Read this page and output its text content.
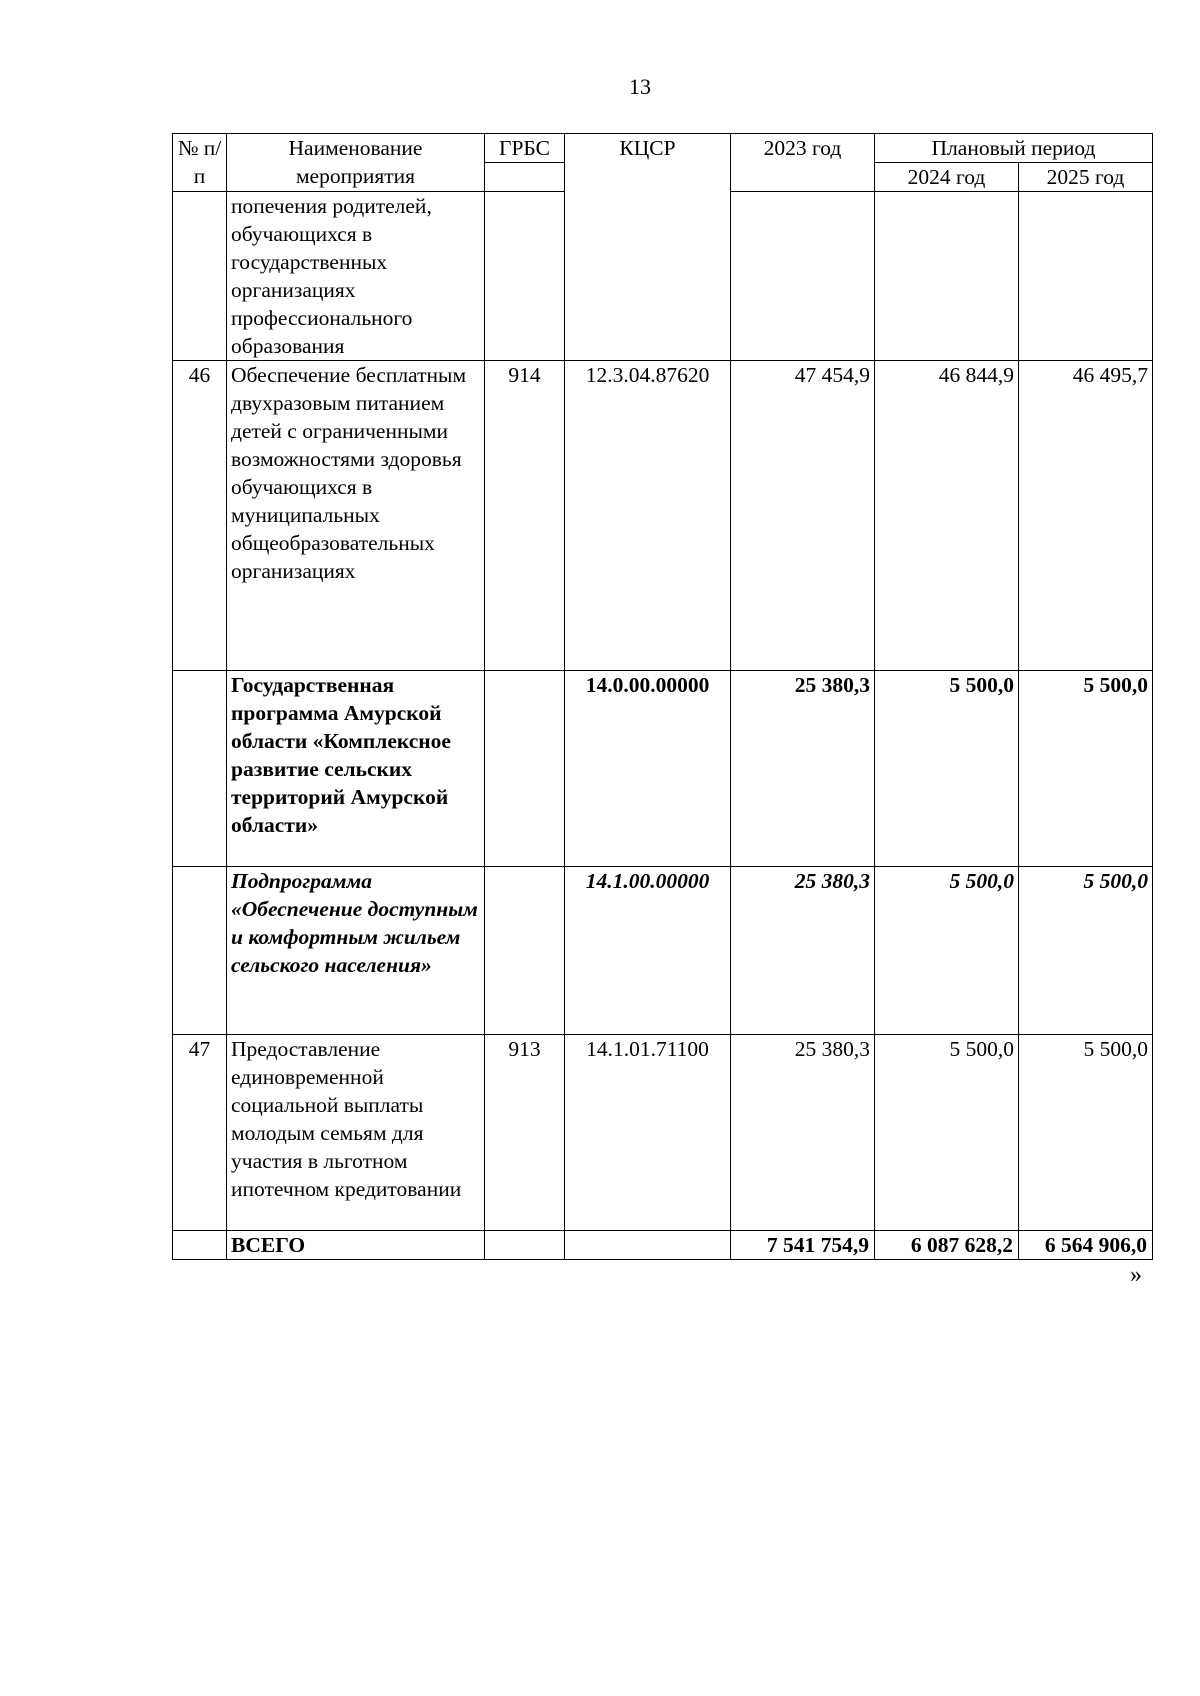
13
№ п/п	Наименование мероприятия	ГРБС	КЦСР	2023 год	Плановый период	
					2024 год	2025 год
	попечения родителей, обучающихся в государственных организациях профессионального образования					
46	Обеспечение бесплатным двухразовым питанием детей с ограниченными возможностями здоровья обучающихся в муниципальных общеобразовательных организациях	914	12.3.04.87620	47 454,9	46 844,9	46 495,7
	Государственная программа Амурской области «Комплексное развитие сельских территорий Амурской области»		14.0.00.00000	25 380,3	5 500,0	5 500,0
	Подпрограмма «Обеспечение доступным и комфортным жильем сельского населения»		14.1.00.00000	25 380,3	5 500,0	5 500,0
47	Предоставление единовременной социальной выплаты молодым семьям для участия в льготном ипотечном кредитовании	913	14.1.01.71100	25 380,3	5 500,0	5 500,0
	ВСЕГО			7 541 754,9	6 087 628,2	6 564 906,0
»
